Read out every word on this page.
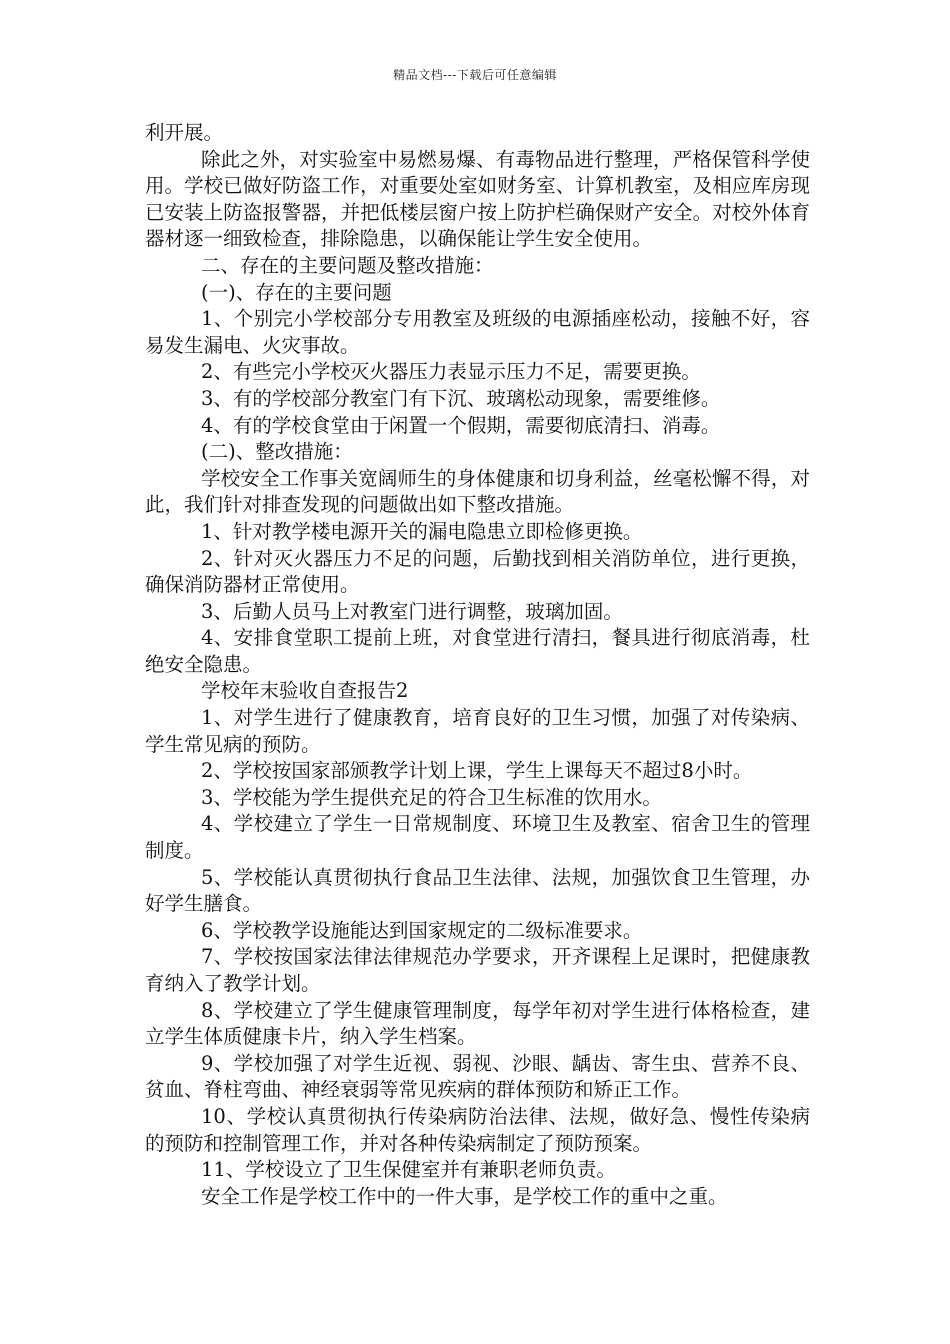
精品文档---下载后可任意编辑

利开展。

除此之外，对实验室中易燃易爆、有毒物品进行整理，严格保管科学使用。学校已做好防盗工作，对重要处室如财务室、计算机教室，及相应库房现已安装上防盗报警器，并把低楼层窗户按上防护栏确保财产安全。对校外体育器材逐一细致检查，排除隐患，以确保能让学生安全使用。

二、存在的主要问题及整改措施：

(一)、存在的主要问题

1、个别完小学校部分专用教室及班级的电源插座松动，接触不好，容易发生漏电、火灾事故。

2、有些完小学校灭火器压力表显示压力不足，需要更换。

3、有的学校部分教室门有下沉、玻璃松动现象，需要维修。

4、有的学校食堂由于闲置一个假期，需要彻底清扫、消毒。

(二)、整改措施：

学校安全工作事关宽阔师生的身体健康和切身利益，丝毫松懈不得，对此，我们针对排查发现的问题做出如下整改措施。

1、针对教学楼电源开关的漏电隐患立即检修更换。

2、针对灭火器压力不足的问题，后勤找到相关消防单位，进行更换，确保消防器材正常使用。

3、后勤人员马上对教室门进行调整，玻璃加固。

4、安排食堂职工提前上班，对食堂进行清扫，餐具进行彻底消毒，杜绝安全隐患。

学校年末验收自查报告2

1、对学生进行了健康教育，培育良好的卫生习惯，加强了对传染病、学生常见病的预防。

2、学校按国家部颁教学计划上课，学生上课每天不超过8小时。

3、学校能为学生提供充足的符合卫生标准的饮用水。

4、学校建立了学生一日常规制度、环境卫生及教室、宿舍卫生的管理制度。

5、学校能认真贯彻执行食品卫生法律、法规，加强饮食卫生管理，办好学生膳食。

6、学校教学设施能达到国家规定的二级标准要求。

7、学校按国家法律法律规范办学要求，开齐课程上足课时，把健康教育纳入了教学计划。

8、学校建立了学生健康管理制度，每学年初对学生进行体格检查，建立学生体质健康卡片，纳入学生档案。

9、学校加强了对学生近视、弱视、沙眼、龋齿、寄生虫、营养不良、贫血、脊柱弯曲、神经衰弱等常见疾病的群体预防和矫正工作。

10、学校认真贯彻执行传染病防治法律、法规，做好急、慢性传染病的预防和控制管理工作，并对各种传染病制定了预防预案。

11、学校设立了卫生保健室并有兼职老师负责。

安全工作是学校工作中的一件大事，是学校工作的重中之重。
